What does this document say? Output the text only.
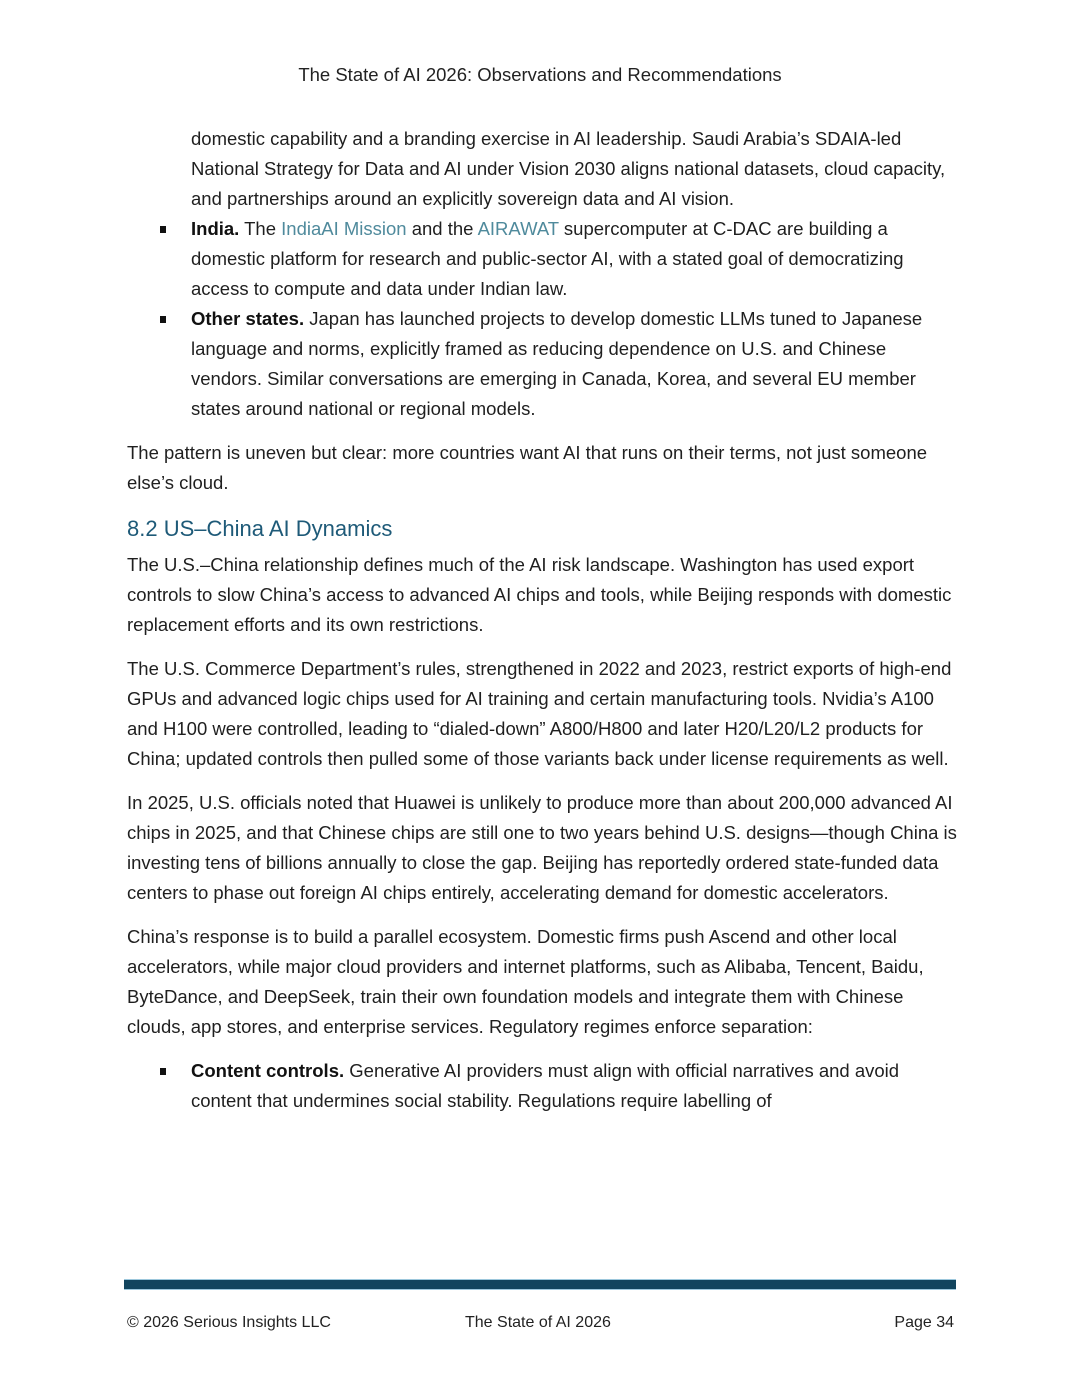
The State of AI 2026: Observations and Recommendations

domestic capability and a branding exercise in AI leadership. Saudi Arabia’s SDAIA-led National Strategy for Data and AI under Vision 2030 aligns national datasets, cloud capacity, and partnerships around an explicitly sovereign data and AI vision.

India. The IndiaAI Mission and the AIRAWAT supercomputer at C-DAC are building a domestic platform for research and public-sector AI, with a stated goal of democratizing access to compute and data under Indian law.

Other states. Japan has launched projects to develop domestic LLMs tuned to Japanese language and norms, explicitly framed as reducing dependence on U.S. and Chinese vendors. Similar conversations are emerging in Canada, Korea, and several EU member states around national or regional models.

The pattern is uneven but clear: more countries want AI that runs on their terms, not just someone else’s cloud.

8.2 US–China AI Dynamics

The U.S.–China relationship defines much of the AI risk landscape. Washington has used export controls to slow China’s access to advanced AI chips and tools, while Beijing responds with domestic replacement efforts and its own restrictions.

The U.S. Commerce Department’s rules, strengthened in 2022 and 2023, restrict exports of high-end GPUs and advanced logic chips used for AI training and certain manufacturing tools. Nvidia’s A100 and H100 were controlled, leading to “dialed-down” A800/H800 and later H20/L20/L2 products for China; updated controls then pulled some of those variants back under license requirements as well.

In 2025, U.S. officials noted that Huawei is unlikely to produce more than about 200,000 advanced AI chips in 2025, and that Chinese chips are still one to two years behind U.S. designs—though China is investing tens of billions annually to close the gap. Beijing has reportedly ordered state-funded data centers to phase out foreign AI chips entirely, accelerating demand for domestic accelerators.

China’s response is to build a parallel ecosystem. Domestic firms push Ascend and other local accelerators, while major cloud providers and internet platforms, such as Alibaba, Tencent, Baidu, ByteDance, and DeepSeek, train their own foundation models and integrate them with Chinese clouds, app stores, and enterprise services. Regulatory regimes enforce separation:

Content controls. Generative AI providers must align with official narratives and avoid content that undermines social stability. Regulations require labelling of

© 2026 Serious Insights LLC	The State of AI 2026	Page 34
